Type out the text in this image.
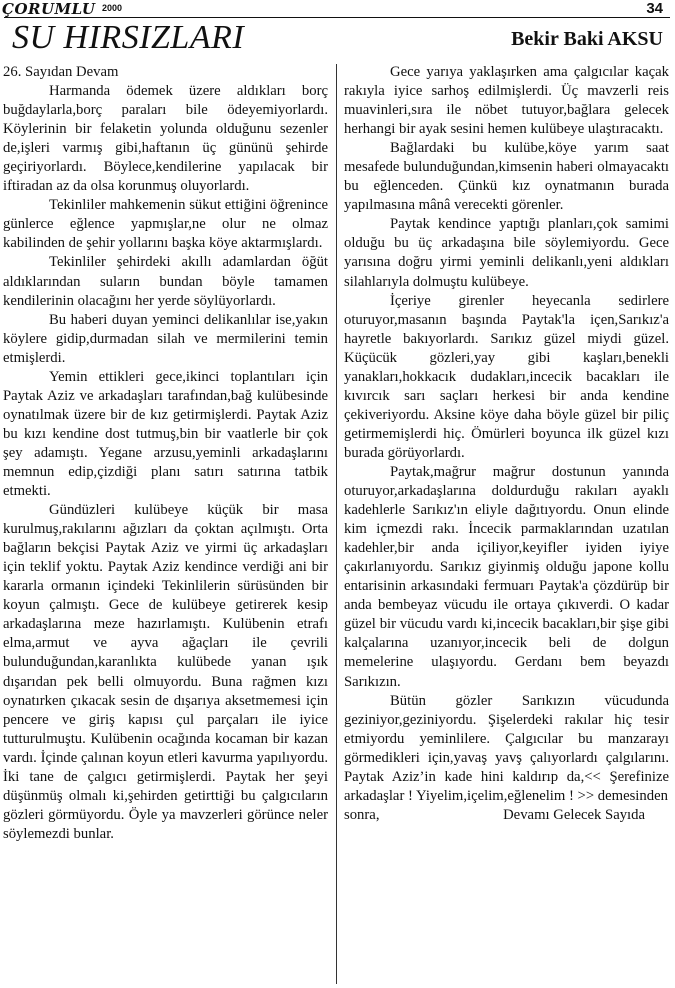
ÇORUMLU 2000	34
SU HIRSIZLARI	Bekir Baki AKSU

26. Sayıdan Devam

Harmanda ödemek üzere aldıkları borç buğdaylarla,borç paraları bile ödeyemiyorlardı. Köylerinin bir felaketin yolunda olduğunu sezenler de,işleri varmış gibi,haftanın üç gününü şehirde geçiriyorlardı. Böylece,kendilerine yapılacak bir iftiradan az da olsa korunmuş oluyorlardı.

Tekinliler mahkemenin sükut ettiğini öğrenince günlerce eğlence yapmışlar,ne olur ne olmaz kabilinden de şehir yollarını başka köye aktarmışlardı.

Tekinliler şehirdeki akıllı adamlardan öğüt aldıklarından suların bundan böyle tamamen kendilerinin olacağını her yerde söylüyorlardı.

Bu haberi duyan yeminci delikanlılar ise,yakın köylere gidip,durmadan silah ve mermilerini temin etmişlerdi.

Yemin ettikleri gece,ikinci toplantıları için Paytak Aziz ve arkadaşları tarafından,bağ kulübesinde oynatılmak üzere bir de kız getirmişlerdi. Paytak Aziz bu kızı kendine dost tutmuş,bin bir vaatlerle bir çok şey adamıştı. Yegane arzusu,yeminli arkadaşlarını memnun edip,çizdiği planı satırı satırına tatbik etmekti.

Gündüzleri kulübeye küçük bir masa kurulmuş,rakılarını ağızları da çoktan açılmıştı. Orta bağların bekçisi Paytak Aziz ve yirmi üç arkadaşları için teklif yoktu. Paytak Aziz kendince verdiği ani bir kararla ormanın içindeki Tekinlilerin sürüsünden bir koyun çalmıştı. Gece de kulübeye getirerek kesip arkadaşlarına meze hazırlamıştı. Kulübenin etrafı elma,armut ve ayva ağaçları ile çevrili bulunduğundan,karanlıkta kulübede yanan ışık dışarıdan pek belli olmuyordu. Buna rağmen kızı oynatırken çıkacak sesin de dışarıya aksetmemesi için pencere ve giriş kapısı çul parçaları ile iyice tutturulmuştu. Kulübenin ocağında kocaman bir kazan vardı. İçinde çalınan koyun etleri kavurma yapılıyordu. İki tane de çalgıcı getirmişlerdi. Paytak her şeyi düşünmüş olmalı ki,şehirden getirttiği bu çalgıcıların gözleri görmüyordu. Öyle ya mavzerleri görünce neler söylemezdi bunlar.

Gece yarıya yaklaşırken ama çalgıcılar kaçak rakıyla iyice sarhoş edilmişlerdi. Üç mavzerli reis muavinleri,sıra ile nöbet tutuyor,bağlara gelecek herhangi bir ayak sesini hemen kulübeye ulaştıracaktı.

Bağlardaki bu kulübe,köye yarım saat mesafede bulunduğundan,kimsenin haberi olmayacaktı bu eğlenceden. Çünkü kız oynatmanın burada yapılmasına mânâ verecekti görenler.

Paytak kendince yaptığı planları,çok samimi olduğu bu üç arkadaşına bile söylemiyordu. Gece yarısına doğru yirmi yeminli delikanlı,yeni aldıkları silahlarıyla dolmuştu kulübeye.

İçeriye girenler heyecanla sedirlere oturuyor,masanın başında Paytak'la içen,Sarıkız'a hayretle bakıyorlardı. Sarıkız güzel miydi güzel. Küçücük gözleri,yay gibi kaşları,benekli yanakları,hokkacık dudakları,incecik bacakları ile kıvırcık sarı saçları herkesi bir anda kendine çekiveriyordu. Aksine köye daha böyle güzel bir piliç getirmemişlerdi hiç. Ömürleri boyunca ilk güzel kızı burada görüyorlardı.

Paytak,mağrur mağrur dostunun yanında oturuyor,arkadaşlarına doldurduğu rakıları ayaklı kadehlerle Sarıkız'ın eliyle dağıtıyordu. Onun elinde kim içmezdi rakı. İncecik parmaklarından uzatılan kadehler,bir anda içiliyor,keyifler iyiden iyiye çakırlanıyordu. Sarıkız giyinmiş olduğu japone kollu entarisinin arkasındaki fermuarı Paytak'a çözdürüp bir anda bembeyaz vücudu ile ortaya çıkıverdi. O kadar güzel bir vücudu vardı ki,incecik bacakları,bir şişe gibi kalçalarına uzanıyor,incecik beli de dolgun memelerine ulaşıyordu. Gerdanı bem beyazdı Sarıkızın.

Bütün gözler Sarıkızın vücudunda geziniyor,geziniyordu. Şişelerdeki rakılar hiç tesir etmiyordu yeminlilere. Çalgıcılar bu manzarayı görmedikleri için,yavaş yavş çalıyorlardı çalgılarını. Paytak Aziz’in kade hini kaldırıp da,<< Şerefinize arkadaşlar ! Yiyelim,içelim,eğlenelim ! >> demesinden

sonra,	Devamı Gelecek Sayıda
